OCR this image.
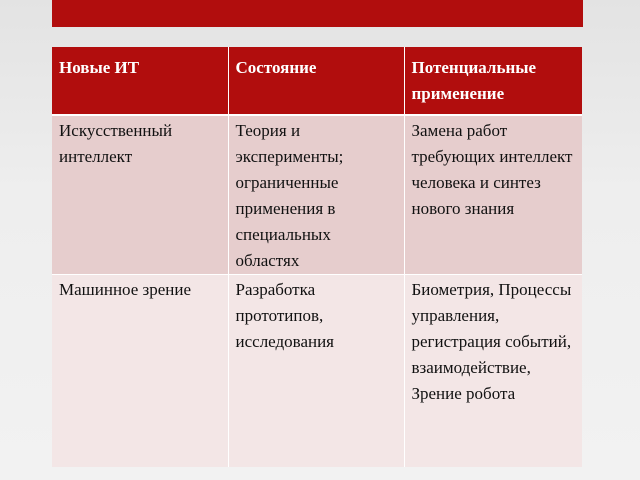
Новые ИТ	Состояние	Потенциальные применение
Искусственный интеллект	Теория и эксперименты; ограниченные применения в специальных областях	Замена работ требующих интеллект человека и синтез нового знания
Машинное зрение	Разработка прототипов, исследования	Биометрия, Процессы управления, регистрация событий, взаимодействие, Зрение робота
